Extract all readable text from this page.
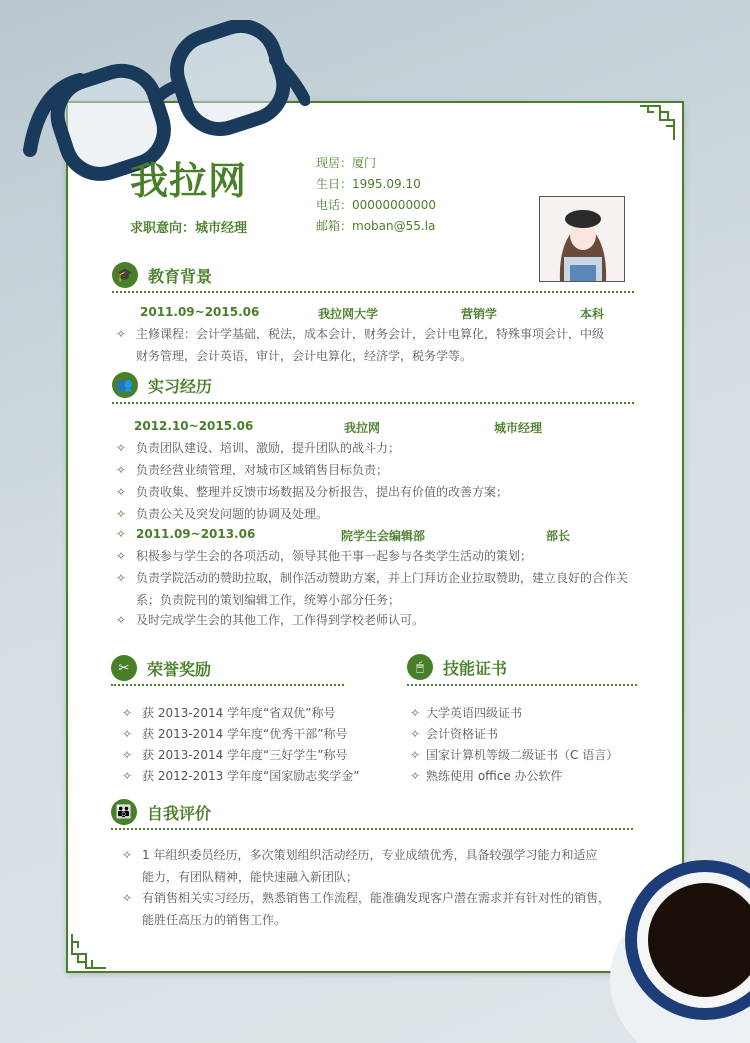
我拉网
求职意向：城市经理
现居：厦门
生日：1995.09.10
电话：00000000000
邮箱：moban@55.la
🎓 教育背景
2011.09~2015.06	我拉网大学	营销学	本科
✧ 主修课程：会计学基础，税法，成本会计，财务会计，会计电算化，特殊事项会计，中级
财务管理，会计英语，审计，会计电算化，经济学，税务学等。
👥 实习经历
2012.10~2015.06	我拉网	城市经理
✧ 负责团队建设、培训、激励，提升团队的战斗力；
✧ 负责经营业绩管理，对城市区域销售目标负责；
✧ 负责收集、整理并反馈市场数据及分析报告，提出有价值的改善方案；
✧ 负责公关及突发问题的协调及处理。
✧ 2011.09~2013.06	院学生会编辑部	部长
✧ 积极参与学生会的各项活动，领导其他干事一起参与各类学生活动的策划；
✧ 负责学院活动的赞助拉取，制作活动赞助方案，并上门拜访企业拉取赞助，建立良好的合作关
系；负责院刊的策划编辑工作，统筹小部分任务；
✧ 及时完成学生会的其他工作，工作得到学校老师认可。
✂	荣誉奖励
✧ 获 2013-2014 学年度“省双优”称号
✧ 获 2013-2014 学年度“优秀干部”称号
✧ 获 2013-2014 学年度“三好学生”称号
✧ 获 2012-2013 学年度“国家励志奖学金”
🖱	技能证书
✧ 大学英语四级证书
✧ 会计资格证书
✧ 国家计算机等级二级证书（C 语言）
✧ 熟练使用 office 办公软件
👪 自我评价
✧ 1 年组织委员经历，多次策划组织活动经历，专业成绩优秀，具备较强学习能力和适应
能力，有团队精神，能快速融入新团队；
✧ 有销售相关实习经历，熟悉销售工作流程，能准确发现客户潜在需求并有针对性的销售，
能胜任高压力的销售工作。
